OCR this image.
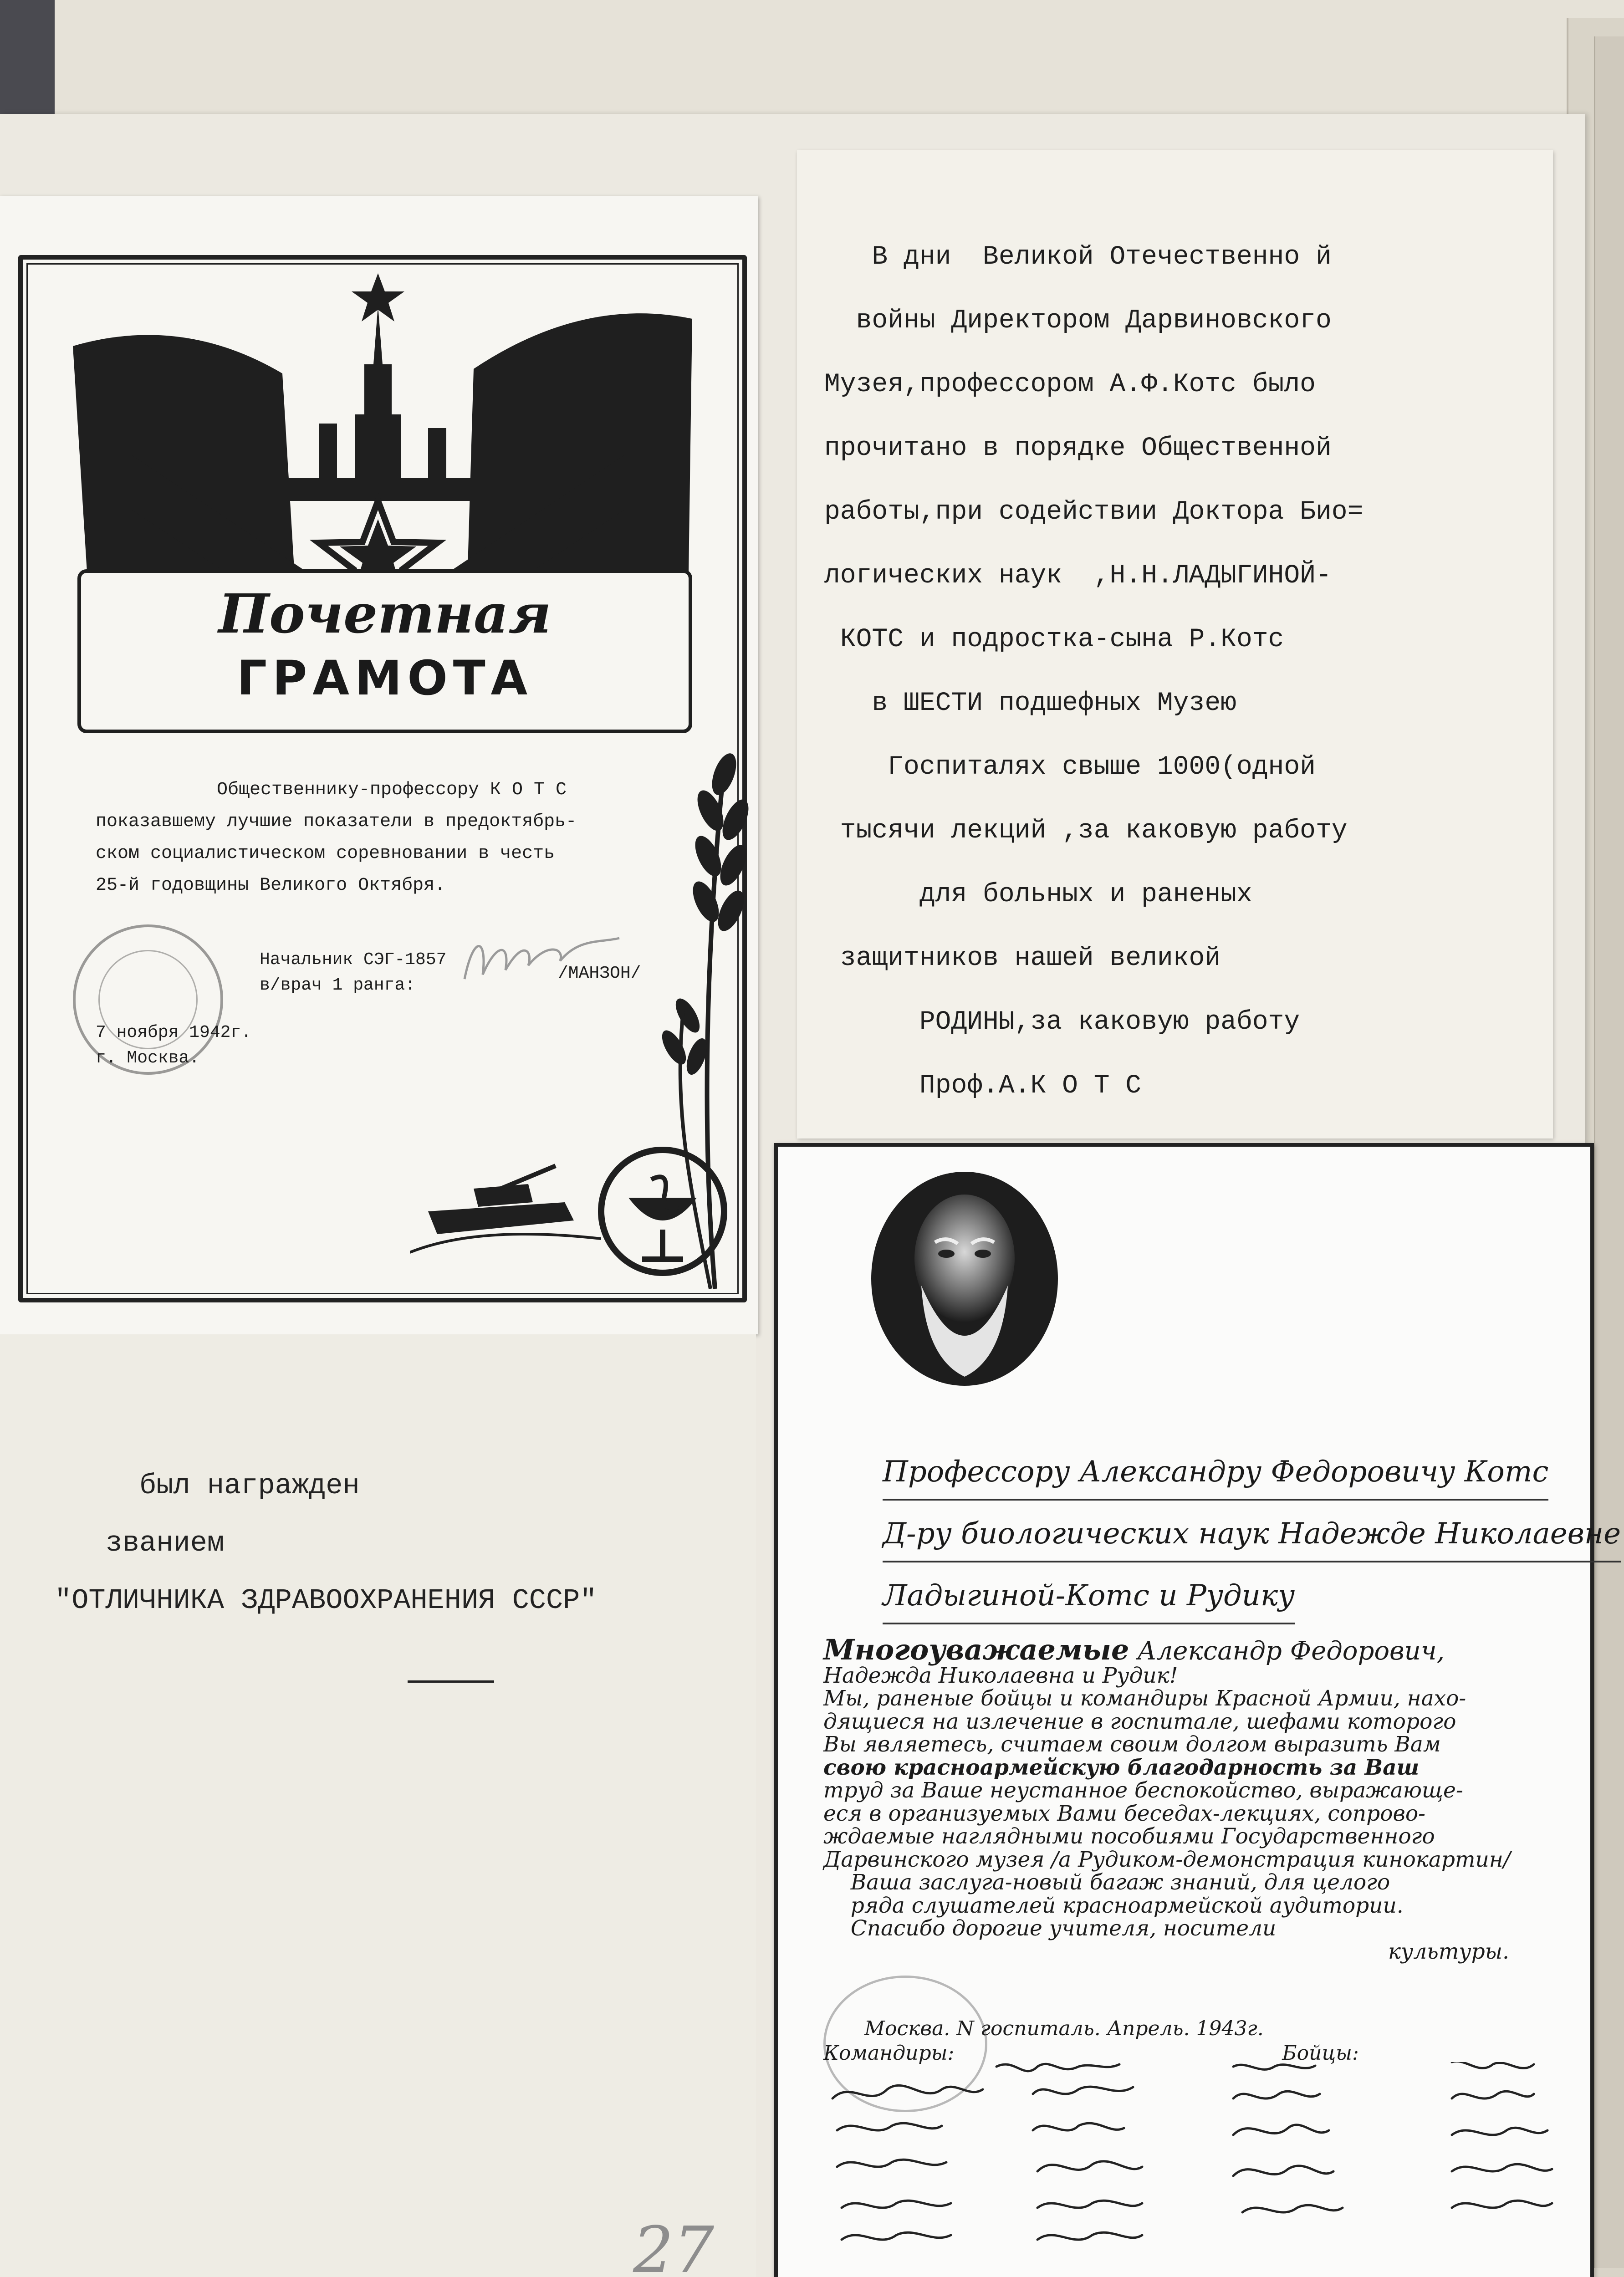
Почетная
ГРАМОТА
Общественнику-профессору К О Т С
показавшему лучшие показатели в предоктябрь-
ском социалистическом соревновании в честь
25-й годовщины Великого Октября.
Начальник СЭГ-1857
в/врач 1 ранга:
/МАНЗОН/
7 ноября 1942г.
г. Москва.
В дни  Великой Отечественно й
войны Директором Дарвиновского
Музея,профессором А.Ф.Котс было
прочитано в порядке Общественной
работы,при содействии Доктора Био=
логических наук  ,Н.Н.ЛАДЫГИНОЙ-
КОТС и подростка-сына Р.Котс
в ШЕСТИ подшефных Музею
Госпиталях свыше 1000(одной
тысячи лекций ,за каковую работу
для больных и раненых
защитников нашей великой
РОДИНЫ,за каковую работу
Проф.А.К О Т С
был награжден
званием
"ОТЛИЧНИКА ЗДРАВООХРАНЕНИЯ СССР"
27
Профессору Александру Федоровичу Котс
Д-ру биологических наук Надежде Николаевне
Ладыгиной-Котс и Рудику
Многоуважаемые Александр Федорович,
Надежда Николаевна и Рудик!
Мы, раненые бойцы и командиры Красной Армии, нахо-
дящиеся на излечение в госпитале, шефами которого
Вы являетесь, считаем своим долгом выразить Вам
свою красноармейскую благодарность за Ваш
труд за Ваше неустанное беспокойство, выражающе-
еся в организуемых Вами беседах-лекциях, сопрово-
ждаемые наглядными пособиями Государственного
Дарвинского музея /а Рудиком-демонстрация кинокартин/
Ваша заслуга-новый багаж знаний, для целого
ряда слушателей красноармейской аудитории.
Спасибо дорогие учителя, носители
культуры.
Москва. N госпиталь. Апрель. 1943г.
Командиры:	Бойцы:
